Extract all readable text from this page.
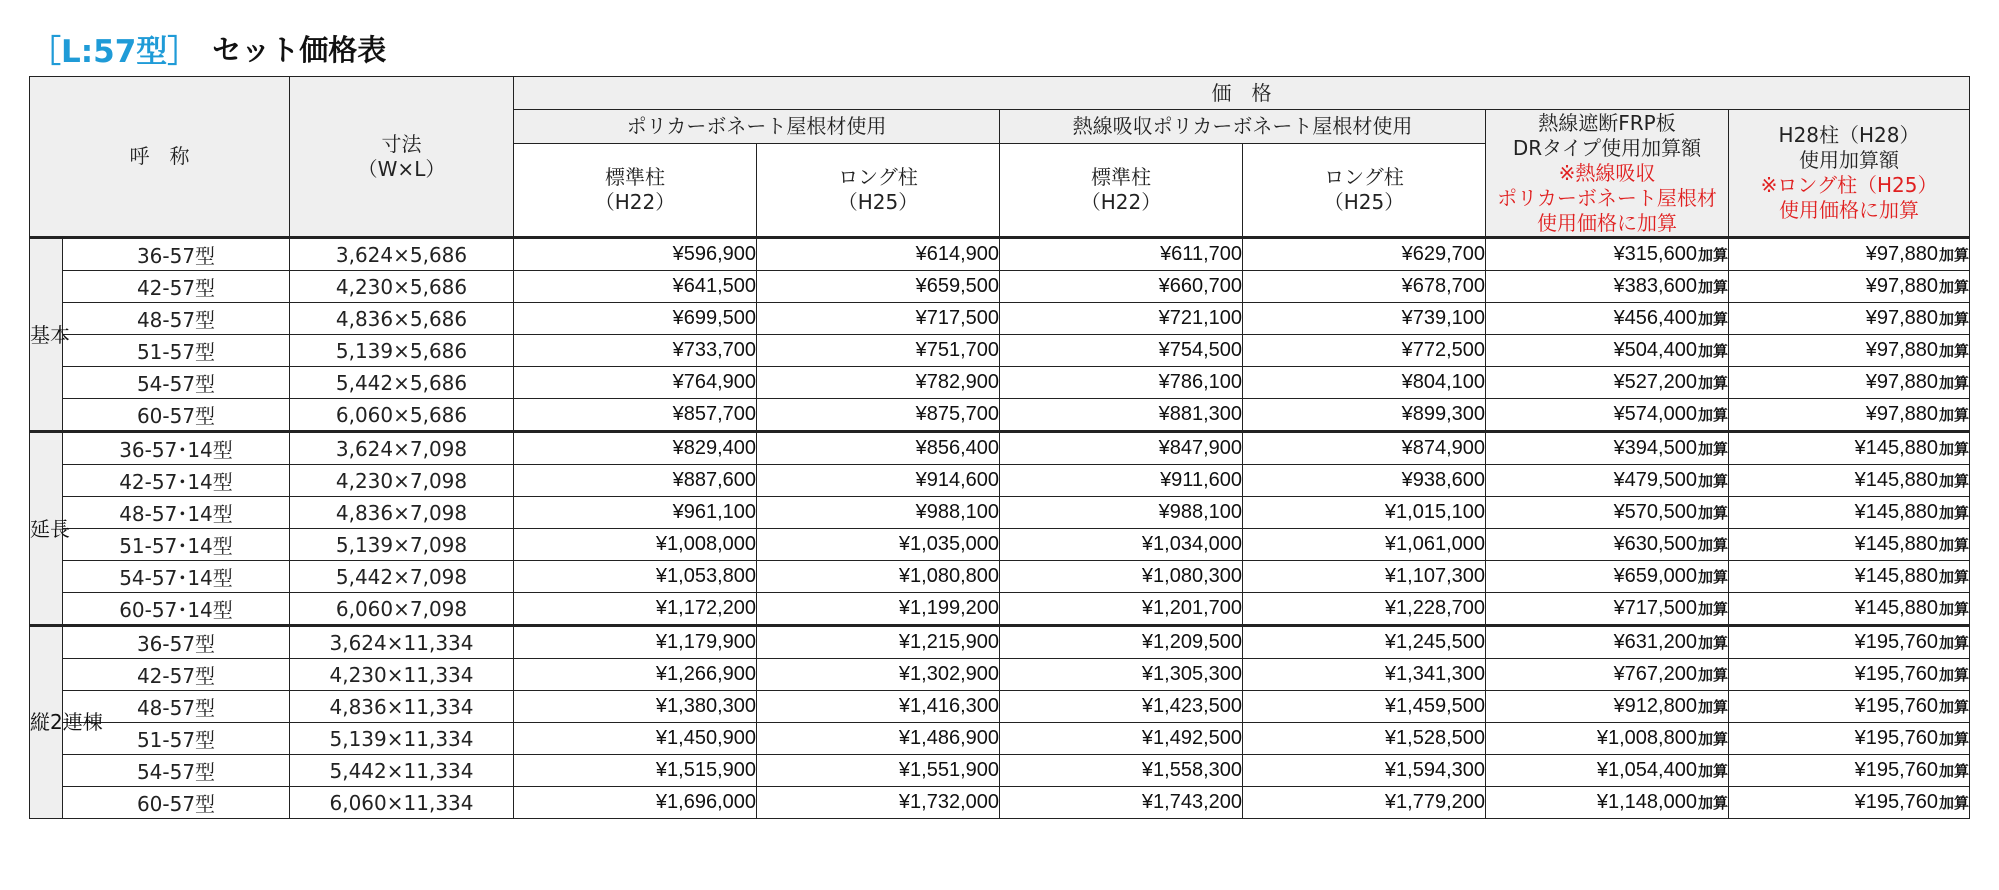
［L:57型］ セット価格表
呼　称		寸法
（W×L）	価　格					
			ポリカーボネート屋根材使用		熱線吸収ポリカーボネート屋根材使用		熱線遮断FRP板
DRタイプ使用加算額
※熱線吸収
ポリカーボネート屋根材
使用価格に加算	H28柱（H28）
使用加算額
※ロング柱（H25）
使用価格に加算

			標準柱
（H22）	ロング柱
（H25）	標準柱
（H22）	ロング柱
（H25）		

基本	36-57型	3,624×5,686	¥596,900	¥614,900	¥611,700	¥629,700	¥315,600加算	¥97,880加算
	42-57型	4,230×5,686	¥641,500	¥659,500	¥660,700	¥678,700	¥383,600加算	¥97,880加算
	48-57型	4,836×5,686	¥699,500	¥717,500	¥721,100	¥739,100	¥456,400加算	¥97,880加算
	51-57型	5,139×5,686	¥733,700	¥751,700	¥754,500	¥772,500	¥504,400加算	¥97,880加算
	54-57型	5,442×5,686	¥764,900	¥782,900	¥786,100	¥804,100	¥527,200加算	¥97,880加算
	60-57型	6,060×5,686	¥857,700	¥875,700	¥881,300	¥899,300	¥574,000加算	¥97,880加算
延長	36-57･14型	3,624×7,098	¥829,400	¥856,400	¥847,900	¥874,900	¥394,500加算	¥145,880加算
	42-57･14型	4,230×7,098	¥887,600	¥914,600	¥911,600	¥938,600	¥479,500加算	¥145,880加算
	48-57･14型	4,836×7,098	¥961,100	¥988,100	¥988,100	¥1,015,100	¥570,500加算	¥145,880加算
	51-57･14型	5,139×7,098	¥1,008,000	¥1,035,000	¥1,034,000	¥1,061,000	¥630,500加算	¥145,880加算
	54-57･14型	5,442×7,098	¥1,053,800	¥1,080,800	¥1,080,300	¥1,107,300	¥659,000加算	¥145,880加算
	60-57･14型	6,060×7,098	¥1,172,200	¥1,199,200	¥1,201,700	¥1,228,700	¥717,500加算	¥145,880加算
縦2連棟	36-57型	3,624×11,334	¥1,179,900	¥1,215,900	¥1,209,500	¥1,245,500	¥631,200加算	¥195,760加算
	42-57型	4,230×11,334	¥1,266,900	¥1,302,900	¥1,305,300	¥1,341,300	¥767,200加算	¥195,760加算
	48-57型	4,836×11,334	¥1,380,300	¥1,416,300	¥1,423,500	¥1,459,500	¥912,800加算	¥195,760加算
	51-57型	5,139×11,334	¥1,450,900	¥1,486,900	¥1,492,500	¥1,528,500	¥1,008,800加算	¥195,760加算
	54-57型	5,442×11,334	¥1,515,900	¥1,551,900	¥1,558,300	¥1,594,300	¥1,054,400加算	¥195,760加算
	60-57型	6,060×11,334	¥1,696,000	¥1,732,000	¥1,743,200	¥1,779,200	¥1,148,000加算	¥195,760加算
